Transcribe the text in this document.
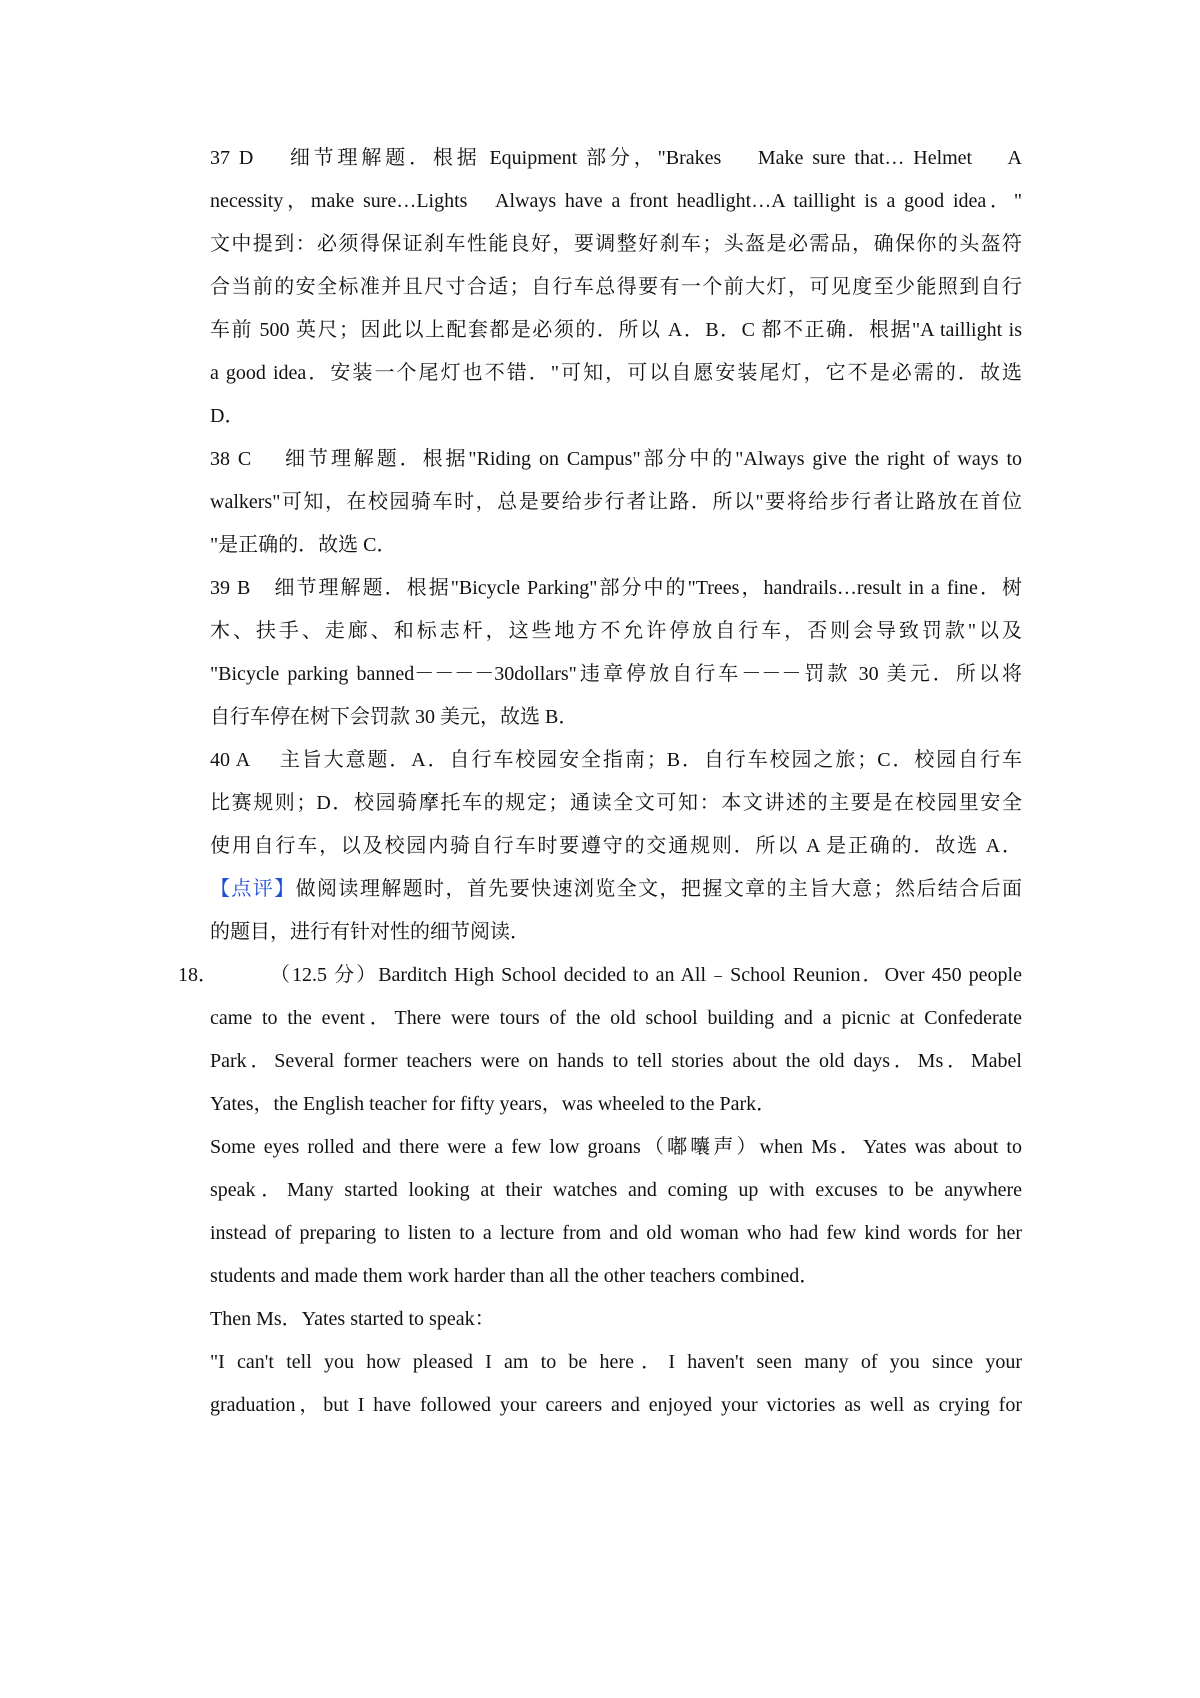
37 D　 细节理解题．根据 Equipment 部分，"Brakes　 Make sure that… Helmet　 A
necessity，make sure…Lights　Always have a front headlight…A taillight is a good idea．"
文中提到：必须得保证刹车性能良好，要调整好刹车；头盔是必需品，确保你的头盔符
合当前的安全标准并且尺寸合适；自行车总得要有一个前大灯，可见度至少能照到自行
车前 500 英尺；因此以上配套都是必须的．所以 A．B．C 都不正确．根据"A taillight is
a good idea．安装一个尾灯也不错．"可知，可以自愿安装尾灯，它不是必需的．故选
D．
38 C　 细节理解题．根据"Riding on Campus"部分中的"Always give the right of ways to
walkers"可知，在校园骑车时，总是要给步行者让路．所以"要将给步行者让路放在首位
"是正确的．故选 C．
39 B　细节理解题．根据"Bicycle Parking"部分中的"Trees，handrails…result in a fine．树
木、扶手、走廊、和标志杆，这些地方不允许停放自行车，否则会导致罚款"以及
"Bicycle parking banned－－－－30dollars"违章停放自行车－－－罚款 30 美元．所以将
自行车停在树下会罚款 30 美元，故选 B．
40 A　 主旨大意题．A．自行车校园安全指南；B．自行车校园之旅；C．校园自行车
比赛规则；D．校园骑摩托车的规定；通读全文可知：本文讲述的主要是在校园里安全
使用自行车，以及校园内骑自行车时要遵守的交通规则．所以 A 是正确的．故选 A．
【点评】做阅读理解题时，首先要快速浏览全文，把握文章的主旨大意；然后结合后面
的题目，进行有针对性的细节阅读．
18．	（12.5 分）Barditch High School decided to an All﹣School Reunion．Over 450 people
came to the event．There were tours of the old school building and a picnic at Confederate
Park．Several former teachers were on hands to tell stories about the old days．Ms．Mabel
Yates，the English teacher for fifty years，was wheeled to the Park．
Some eyes rolled and there were a few low groans（嘟囔声）when Ms．Yates was about to
speak．Many started looking at their watches and coming up with excuses to be anywhere
instead of preparing to listen to a lecture from and old woman who had few kind words for her
students and made them work harder than all the other teachers combined．
Then Ms．Yates started to speak：
"I can't tell you how pleased I am to be here．I haven't seen many of you since your
graduation，but I have followed your careers and enjoyed your victories as well as crying for
